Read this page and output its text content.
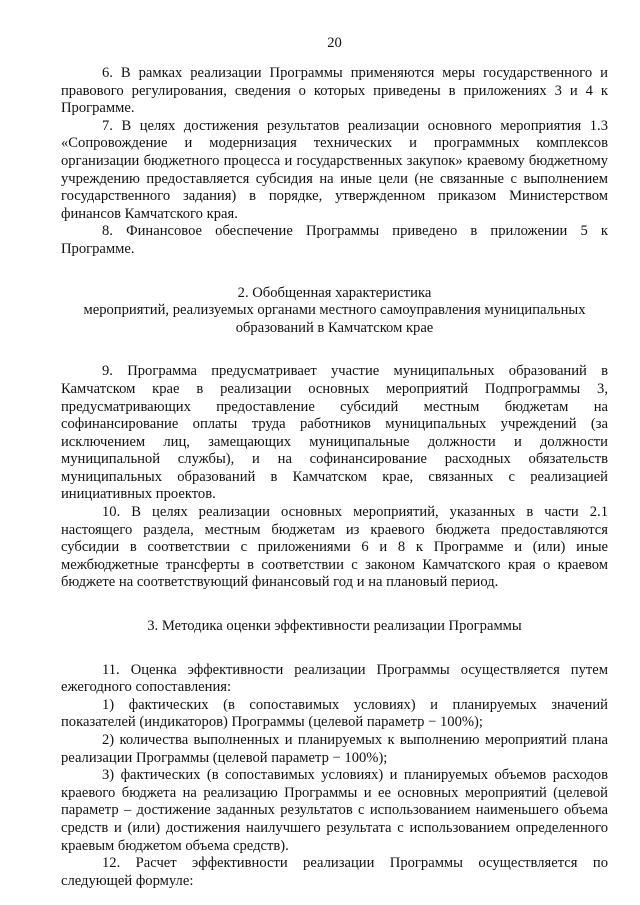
20

6. В рамках реализации Программы применяются меры государственного и правового регулирования, сведения о которых приведены в приложениях 3 и 4 к Программе.

7. В целях достижения результатов реализации основного мероприятия 1.3 «Сопровождение и модернизация технических и программных комплексов организации бюджетного процесса и государственных закупок» краевому бюджетному учреждению предоставляется субсидия на иные цели (не связанные с выполнением государственного задания) в порядке, утвержденном приказом Министерством финансов Камчатского края.

8. Финансовое обеспечение Программы приведено в приложении 5 к Программе.

2. Обобщенная характеристика

мероприятий, реализуемых органами местного самоуправления муниципальных образований в Камчатском крае

9. Программа предусматривает участие муниципальных образований в Камчатском крае в реализации основных мероприятий Подпрограммы 3, предусматривающих предоставление субсидий местным бюджетам на софинансирование оплаты труда работников муниципальных учреждений (за исключением лиц, замещающих муниципальные должности и должности муниципальной службы), и на софинансирование расходных обязательств муниципальных образований в Камчатском крае, связанных с реализацией инициативных проектов.

10. В целях реализации основных мероприятий, указанных в части 2.1 настоящего раздела, местным бюджетам из краевого бюджета предоставляются субсидии в соответствии с приложениями 6 и 8 к Программе и (или) иные межбюджетные трансферты в соответствии с законом Камчатского края о краевом бюджете на соответствующий финансовый год и на плановый период.

3. Методика оценки эффективности реализации Программы

11. Оценка эффективности реализации Программы осуществляется путем ежегодного сопоставления:

1) фактических (в сопоставимых условиях) и планируемых значений показателей (индикаторов) Программы (целевой параметр − 100%);

2) количества выполненных и планируемых к выполнению мероприятий плана реализации Программы (целевой параметр − 100%);

3) фактических (в сопоставимых условиях) и планируемых объемов расходов краевого бюджета на реализацию Программы и ее основных мероприятий (целевой параметр – достижение заданных результатов с использованием наименьшего объема средств и (или) достижения наилучшего результата с использованием определенного краевым бюджетом объема средств).

12. Расчет эффективности реализации Программы осуществляется по следующей формуле:
